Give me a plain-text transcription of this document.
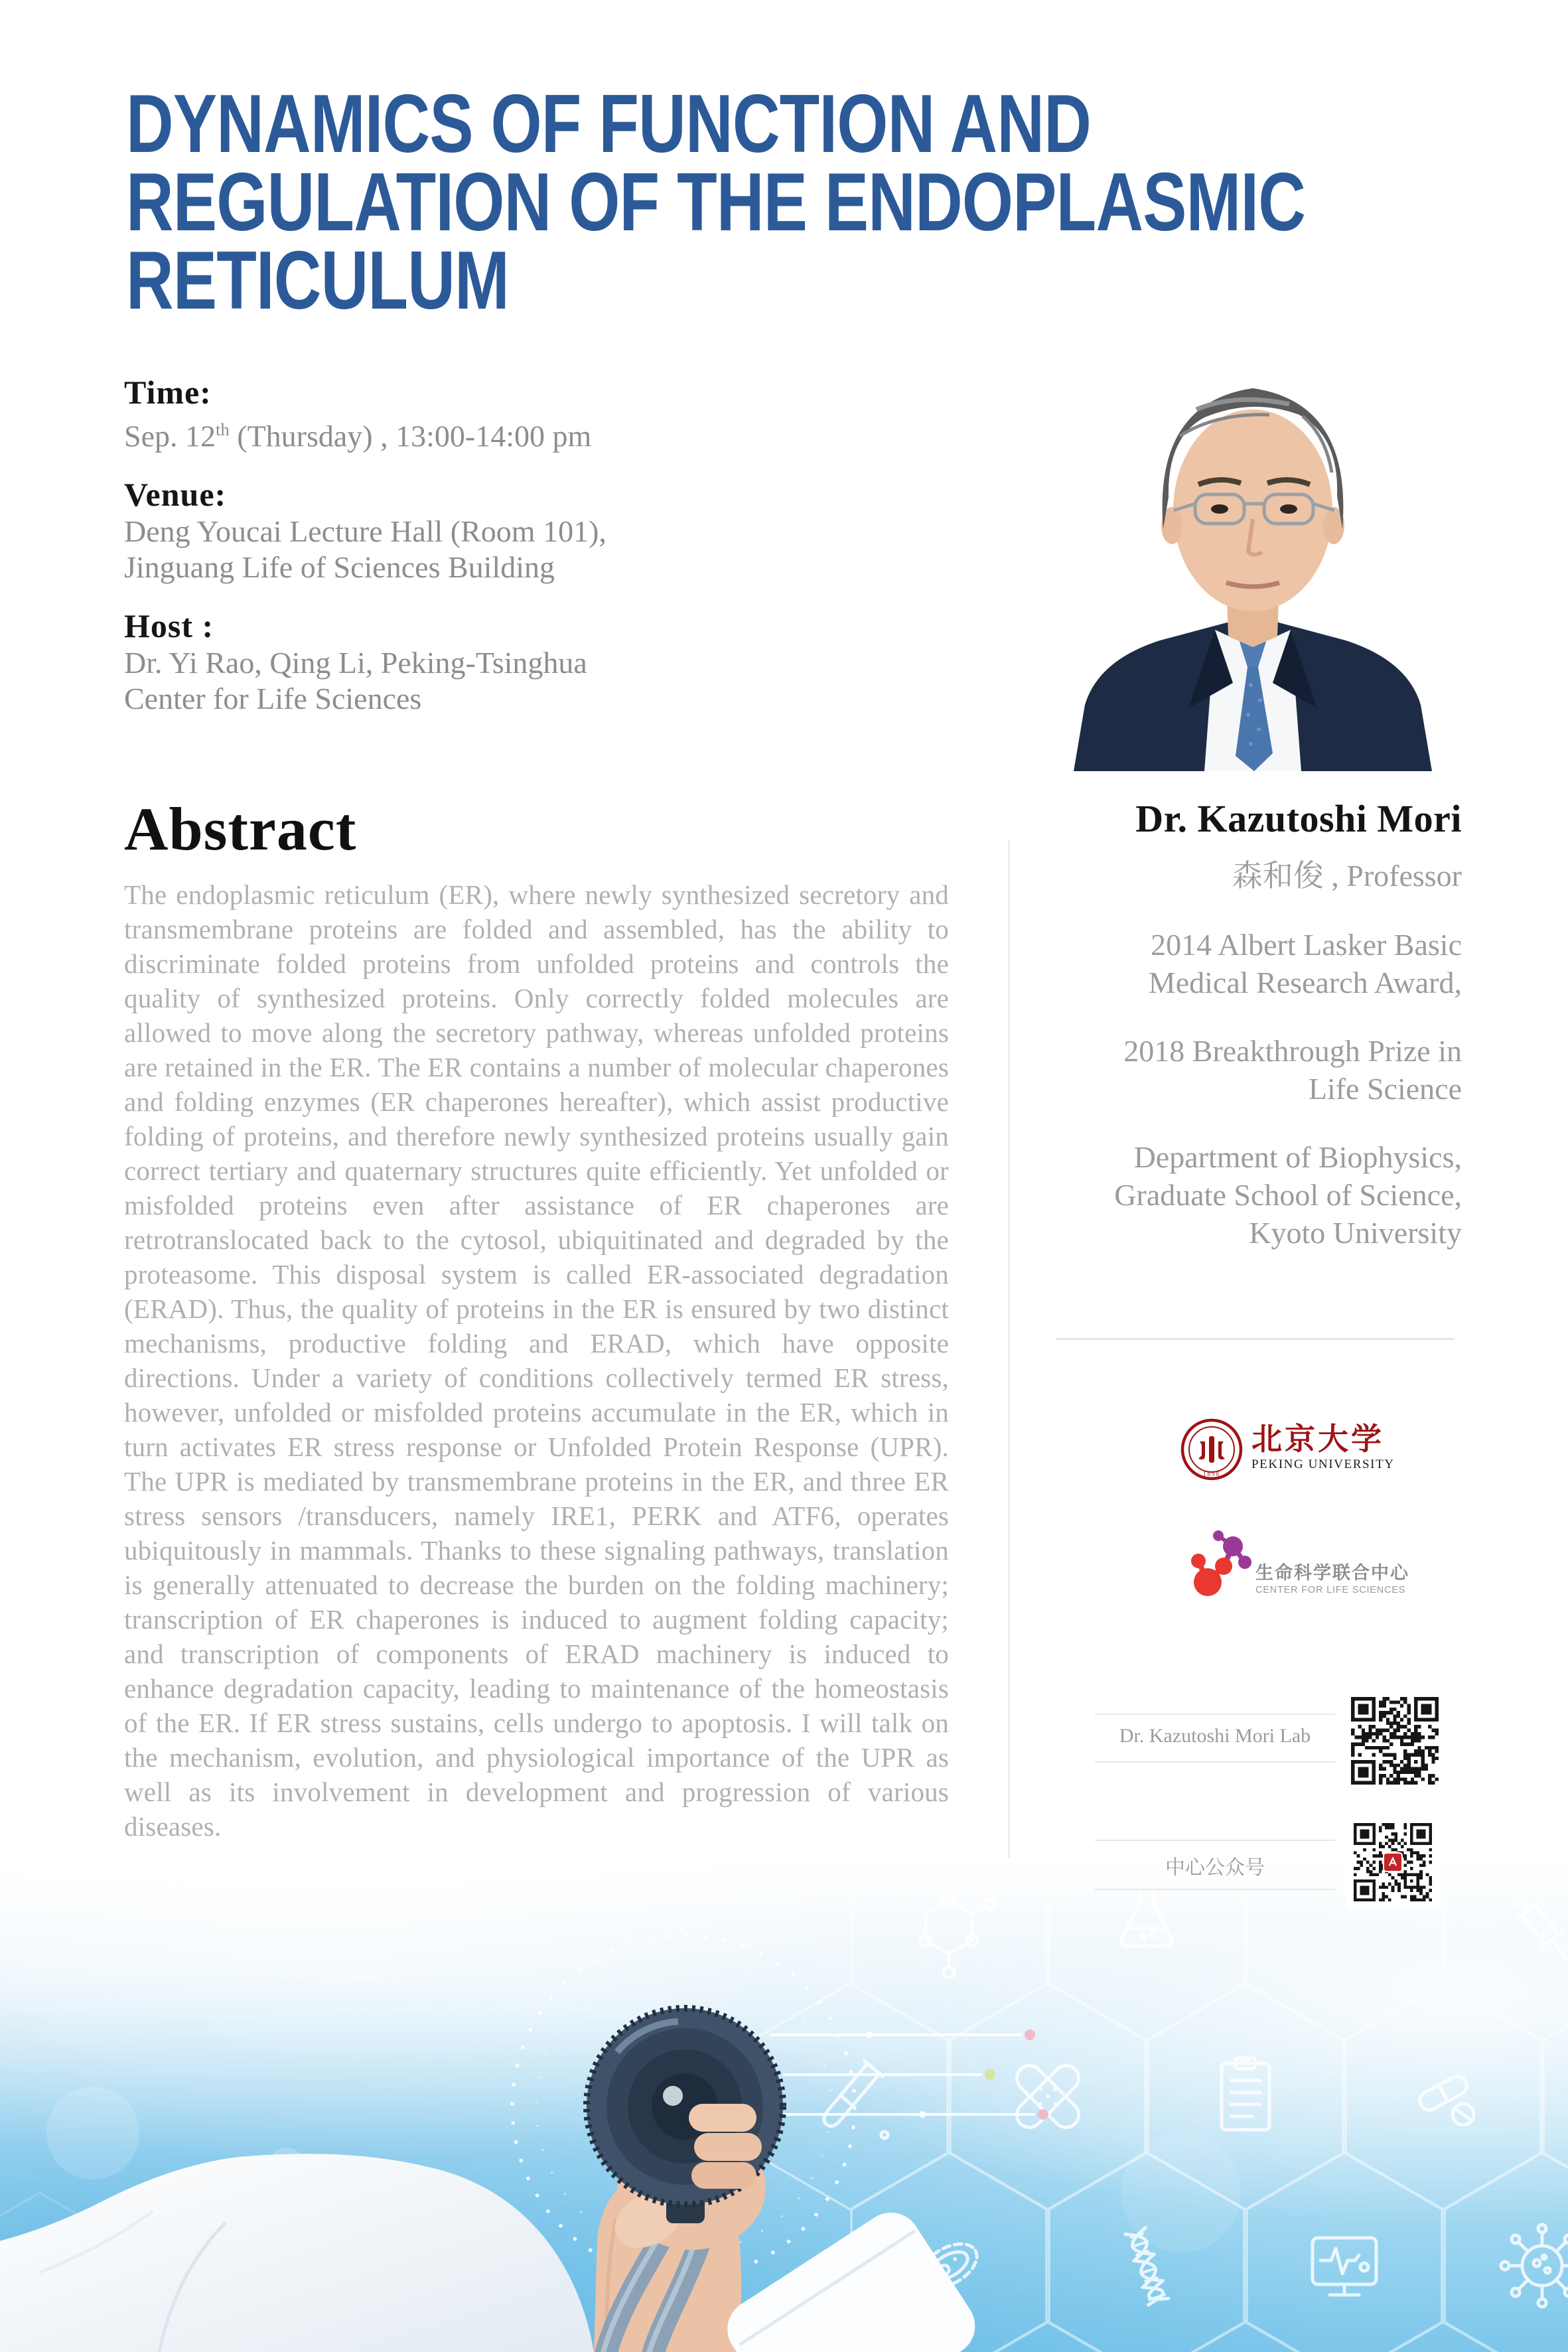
DYNAMICS OF FUNCTION AND
REGULATION OF THE ENDOPLASMIC
RETICULUM
Time:
Sep. 12th (Thursday) , 13:00-14:00 pm
Venue:
Deng Youcai Lecture Hall (Room 101),
Jinguang Life of Sciences Building
Host :
Dr. Yi Rao, Qing Li, Peking-Tsinghua
Center for Life Sciences
Abstract
The endoplasmic reticulum (ER), where newly synthesized secretory and transmembrane proteins are folded and assembled, has the ability to discriminate folded proteins from unfolded proteins and controls the quality of synthesized proteins. Only correctly folded molecules are allowed to move along the secretory pathway, whereas unfolded proteins are retained in the ER. The ER contains a number of molecular chaperones and folding enzymes (ER chaperones hereafter), which assist productive folding of proteins, and therefore newly synthesized proteins usually gain correct tertiary and quaternary structures quite efficiently. Yet unfolded or misfolded proteins even after assistance of ER chaperones are retrotranslocated back to the cytosol, ubiquitinated and degraded by the proteasome. This disposal system is called ER-associated degradation (ERAD). Thus, the quality of proteins in the ER is ensured by two distinct mechanisms, productive folding and ERAD, which have opposite directions. Under a variety of conditions collectively termed ER stress, however, unfolded or misfolded proteins accumulate in the ER, which in turn activates ER stress response or Unfolded Protein Response (UPR). The UPR is mediated by transmembrane proteins in the ER, and three ER stress sensors /transducers, namely IRE1, PERK and ATF6, operates ubiquitously in mammals. Thanks to these signaling pathways, translation is generally attenuated to decrease the burden on the folding machinery; transcription of ER chaperones is induced to augment folding capacity; and transcription of components of ERAD machinery is induced to enhance degradation capacity, leading to maintenance of the homeostasis of the ER. If ER stress sustains, cells undergo to apoptosis. I will talk on the mechanism, evolution, and physiological importance of the UPR as well as its involvement in development and progression of various diseases.
Dr. Kazutoshi Mori
森和俊 , Professor
2014 Albert Lasker Basic
Medical Research Award,
2018 Breakthrough Prize in
Life Science
Department of Biophysics,
Graduate School of Science,
Kyoto University
1898
北京大学
PEKING UNIVERSITY
生命科学联合中心
CENTER FOR LIFE SCIENCES
Dr. Kazutoshi Mori Lab
中心公众号
